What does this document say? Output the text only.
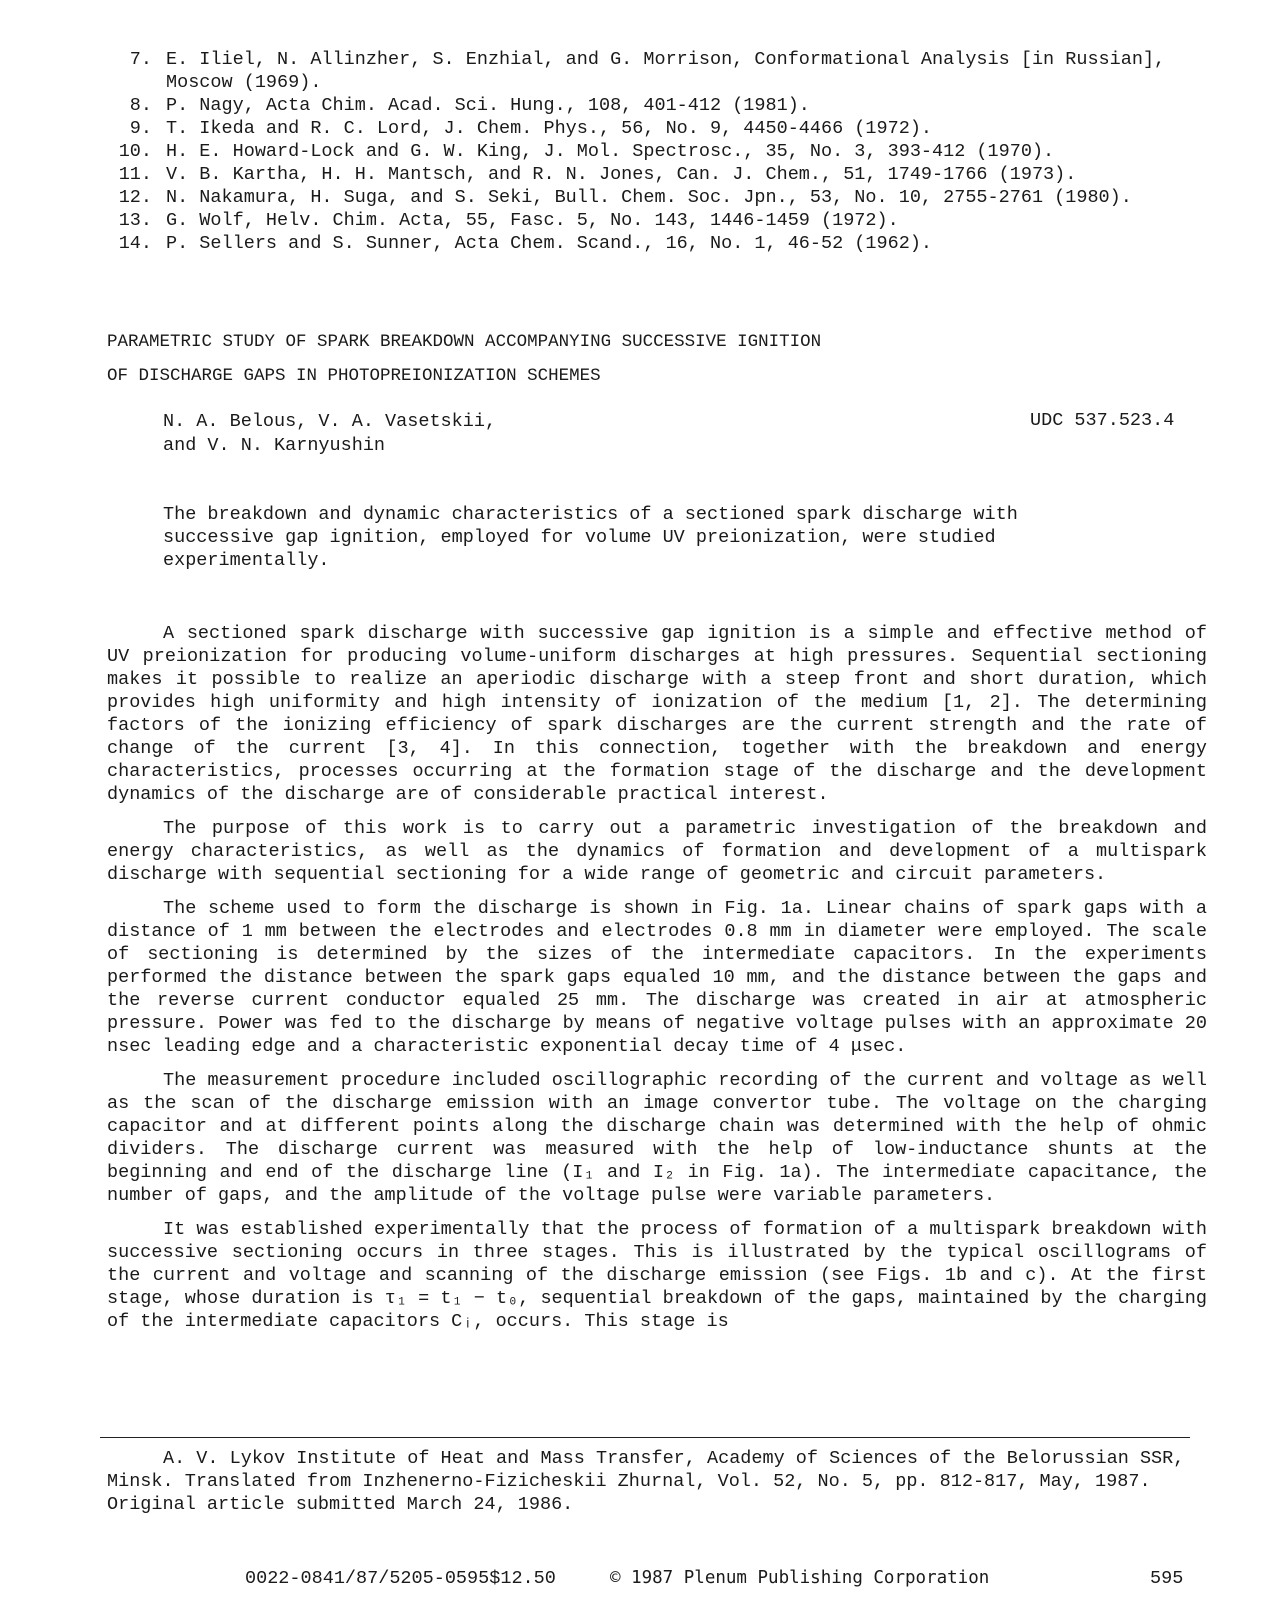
7. E. Iliel, N. Allinzher, S. Enzhial, and G. Morrison, Conformational Analysis [in Russian], Moscow (1969).
8. P. Nagy, Acta Chim. Acad. Sci. Hung., 108, 401-412 (1981).
9. T. Ikeda and R. C. Lord, J. Chem. Phys., 56, No. 9, 4450-4466 (1972).
10. H. E. Howard-Lock and G. W. King, J. Mol. Spectrosc., 35, No. 3, 393-412 (1970).
11. V. B. Kartha, H. H. Mantsch, and R. N. Jones, Can. J. Chem., 51, 1749-1766 (1973).
12. N. Nakamura, H. Suga, and S. Seki, Bull. Chem. Soc. Jpn., 53, No. 10, 2755-2761 (1980).
13. G. Wolf, Helv. Chim. Acta, 55, Fasc. 5, No. 143, 1446-1459 (1972).
14. P. Sellers and S. Sunner, Acta Chem. Scand., 16, No. 1, 46-52 (1962).
PARAMETRIC STUDY OF SPARK BREAKDOWN ACCOMPANYING SUCCESSIVE IGNITION
OF DISCHARGE GAPS IN PHOTOPREIONIZATION SCHEMES
N. A. Belous, V. A. Vasetskii,
and V. N. Karnyushin
UDC 537.523.4
The breakdown and dynamic characteristics of a sectioned spark discharge with successive gap ignition, employed for volume UV preionization, were studied experimentally.

A sectioned spark discharge with successive gap ignition is a simple and effective method of UV preionization for producing volume-uniform discharges at high pressures. Sequential sectioning makes it possible to realize an aperiodic discharge with a steep front and short duration, which provides high uniformity and high intensity of ionization of the medium [1, 2]. The determining factors of the ionizing efficiency of spark discharges are the current strength and the rate of change of the current [3, 4]. In this connection, together with the breakdown and energy characteristics, processes occurring at the formation stage of the discharge and the development dynamics of the discharge are of considerable practical interest.

The purpose of this work is to carry out a parametric investigation of the breakdown and energy characteristics, as well as the dynamics of formation and development of a multispark discharge with sequential sectioning for a wide range of geometric and circuit parameters.

The scheme used to form the discharge is shown in Fig. 1a. Linear chains of spark gaps with a distance of 1 mm between the electrodes and electrodes 0.8 mm in diameter were employed. The scale of sectioning is determined by the sizes of the intermediate capacitors. In the experiments performed the distance between the spark gaps equaled 10 mm, and the distance between the gaps and the reverse current conductor equaled 25 mm. The discharge was created in air at atmospheric pressure. Power was fed to the discharge by means of negative voltage pulses with an approximate 20 nsec leading edge and a characteristic exponential decay time of 4 μsec.

The measurement procedure included oscillographic recording of the current and voltage as well as the scan of the discharge emission with an image convertor tube. The voltage on the charging capacitor and at different points along the discharge chain was determined with the help of ohmic dividers. The discharge current was measured with the help of low-inductance shunts at the beginning and end of the discharge line (I₁ and I₂ in Fig. 1a). The intermediate capacitance, the number of gaps, and the amplitude of the voltage pulse were variable parameters.

It was established experimentally that the process of formation of a multispark breakdown with successive sectioning occurs in three stages. This is illustrated by the typical oscillograms of the current and voltage and scanning of the discharge emission (see Figs. 1b and c). At the first stage, whose duration is τ₁ = t₁ − t₀, sequential breakdown of the gaps, maintained by the charging of the intermediate capacitors Cᵢ, occurs. This stage is

A. V. Lykov Institute of Heat and Mass Transfer, Academy of Sciences of the Belorussian SSR, Minsk. Translated from Inzhenerno-Fizicheskii Zhurnal, Vol. 52, No. 5, pp. 812-817, May, 1987. Original article submitted March 24, 1986.
0022-0841/87/5205-0595$12.50	© 1987 Plenum Publishing Corporation	595
